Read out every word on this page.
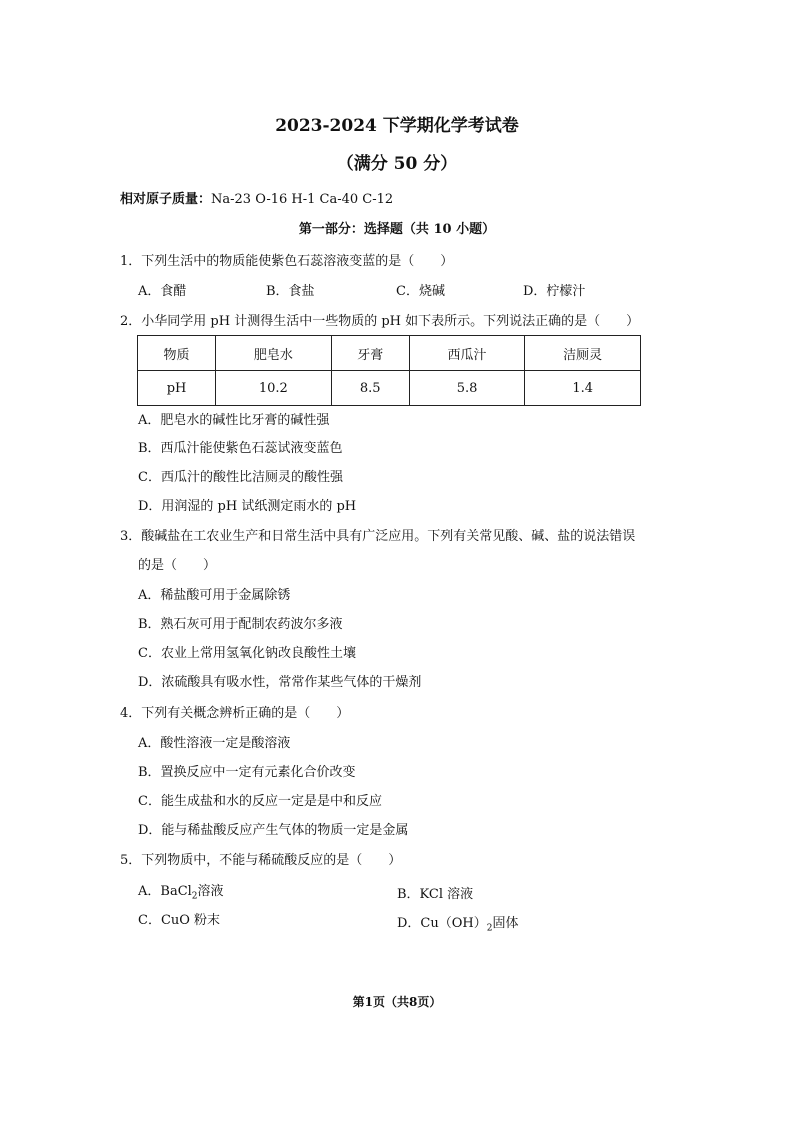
2023-2024 下学期化学考试卷
（满分 50 分）
相对原子质量：Na-23 O-16 H-1 Ca-40 C-12
第一部分：选择题（共 10 小题）
1．下列生活中的物质能使紫色石蕊溶液变蓝的是（　　）
A．食醋	B．食盐	C．烧碱	D．柠檬汁
2．小华同学用 pH 计测得生活中一些物质的 pH 如下表所示。下列说法正确的是（　　）
物质	肥皂水	牙膏	西瓜汁	洁厕灵
pH	10.2	8.5	5.8	1.4
A．肥皂水的碱性比牙膏的碱性强
B．西瓜汁能使紫色石蕊试液变蓝色
C．西瓜汁的酸性比洁厕灵的酸性强
D．用润湿的 pH 试纸测定雨水的 pH
3．酸碱盐在工农业生产和日常生活中具有广泛应用。下列有关常见酸、碱、盐的说法错误
的是（　　）
A．稀盐酸可用于金属除锈
B．熟石灰可用于配制农药波尔多液
C．农业上常用氢氧化钠改良酸性土壤
D．浓硫酸具有吸水性，常常作某些气体的干燥剂
4．下列有关概念辨析正确的是（　　）
A．酸性溶液一定是酸溶液
B．置换反应中一定有元素化合价改变
C．能生成盐和水的反应一定是是中和反应
D．能与稀盐酸反应产生气体的物质一定是金属
5．下列物质中，不能与稀硫酸反应的是（　　）
A．BaCl$_2$溶液	B．KCl 溶液
C．CuO 粉末	D．$Cu(OH)_2$固体
第1页（共8页）
